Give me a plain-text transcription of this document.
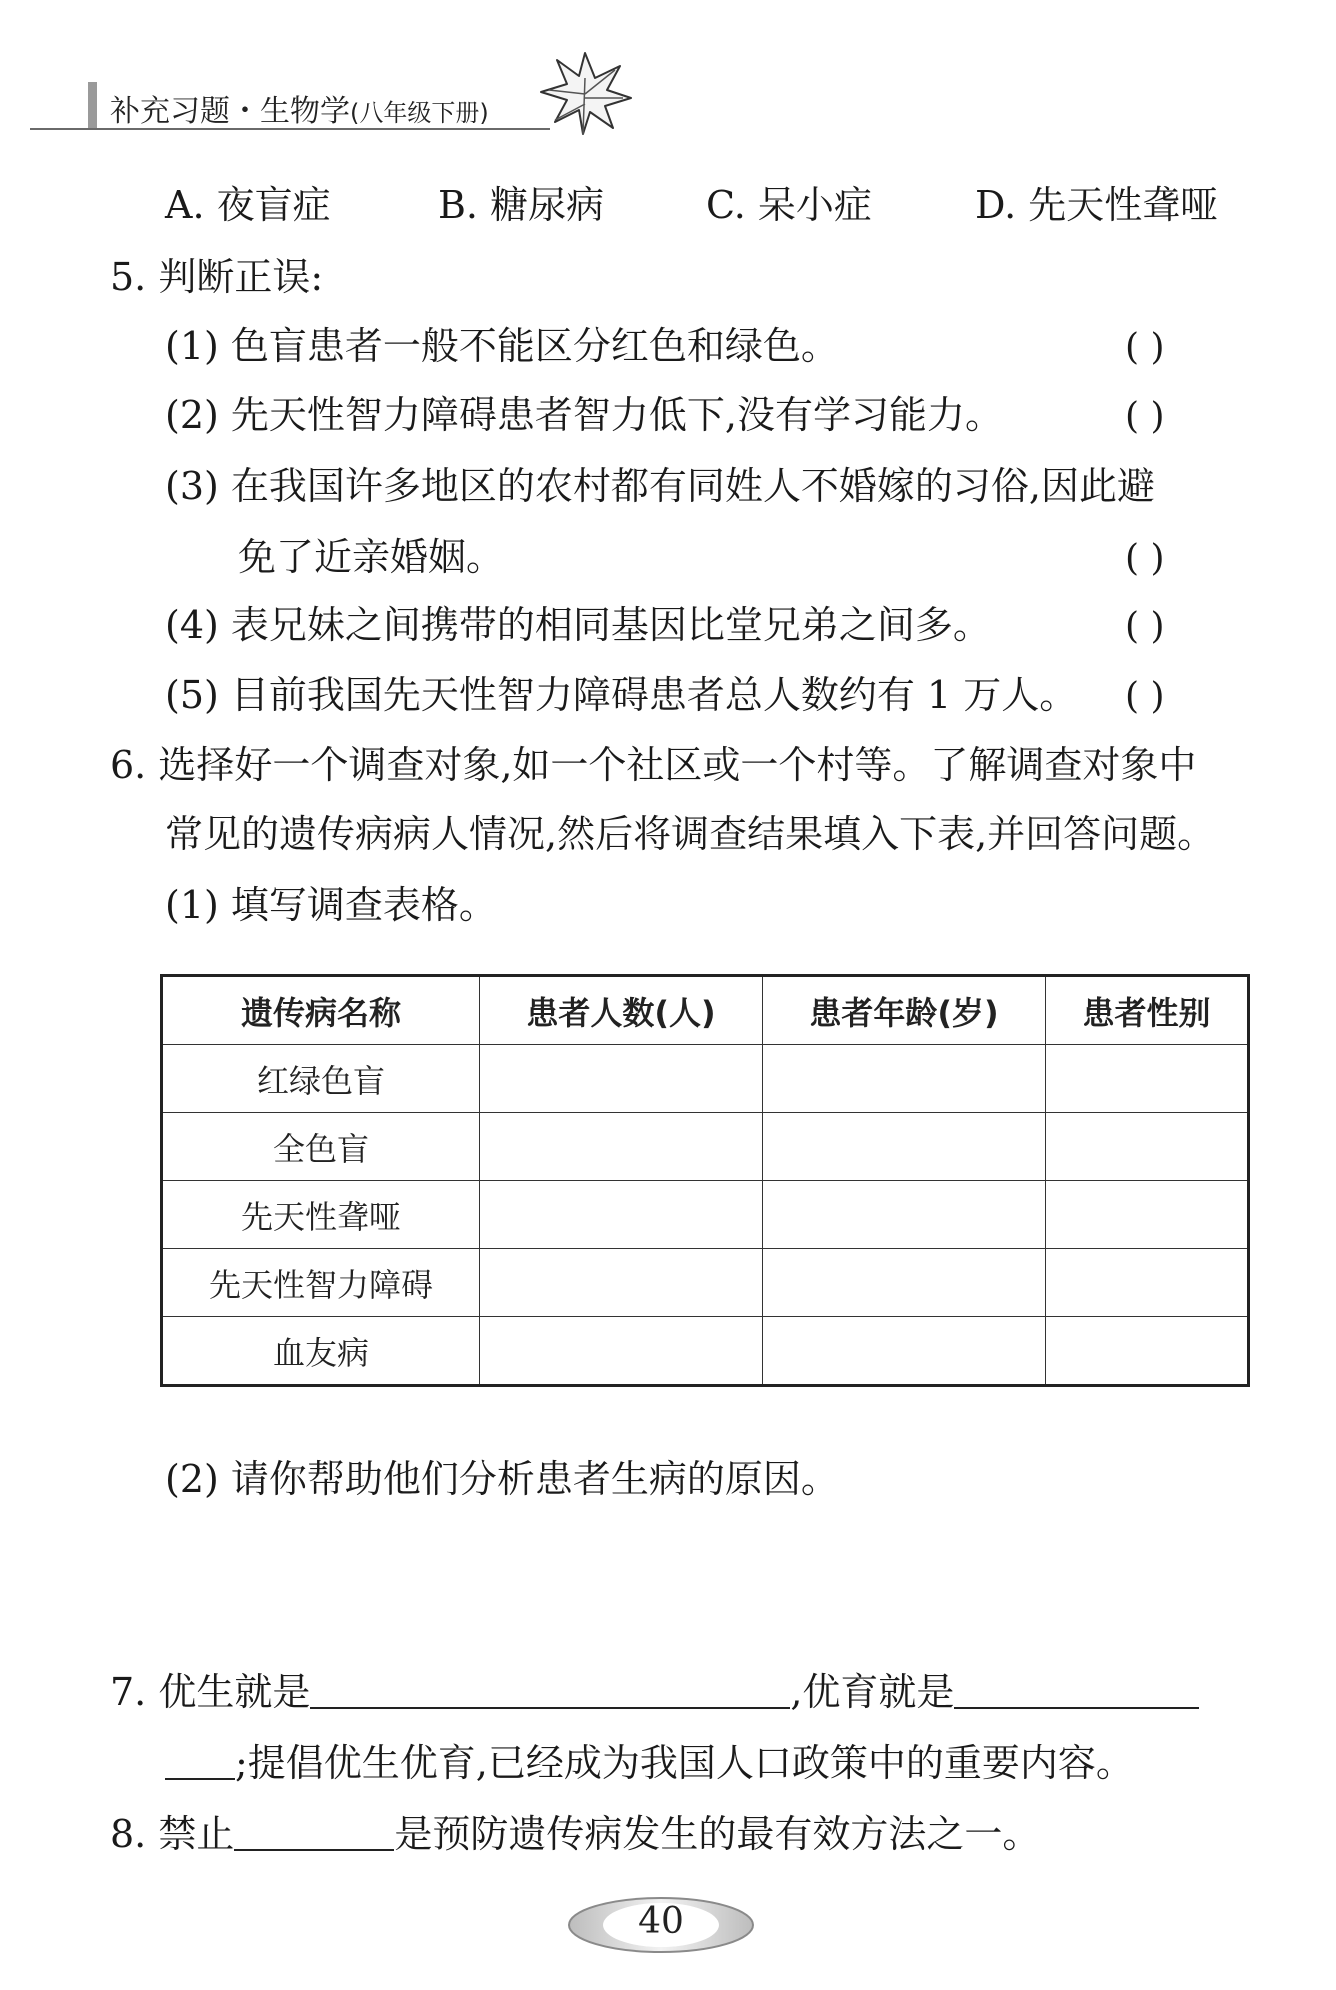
补充习题・生物学(八年级下册)
A. 夜盲症	B. 糖尿病	C. 呆小症	D. 先天性聋哑
5. 判断正误:
(1) 色盲患者一般不能区分红色和绿色。	( )
(2) 先天性智力障碍患者智力低下,没有学习能力。	( )
(3) 在我国许多地区的农村都有同姓人不婚嫁的习俗,因此避
免了近亲婚姻。	( )
(4) 表兄妹之间携带的相同基因比堂兄弟之间多。	( )
(5) 目前我国先天性智力障碍患者总人数约有 1 万人。 ( )
6. 选择好一个调查对象,如一个社区或一个村等。了解调查对象中
常见的遗传病病人情况,然后将调查结果填入下表,并回答问题。
(1) 填写调查表格。
遗传病名称	患者人数(人)	患者年龄(岁)	患者性别
红绿色盲			
全色盲			
先天性聋哑			
先天性智力障碍			
血友病			
(2) 请你帮助他们分析患者生病的原因。
7. 优生就是	,优育就是
;提倡优生优育,已经成为我国人口政策中的重要内容。
8. 禁止	是预防遗传病发生的最有效方法之一。
40
